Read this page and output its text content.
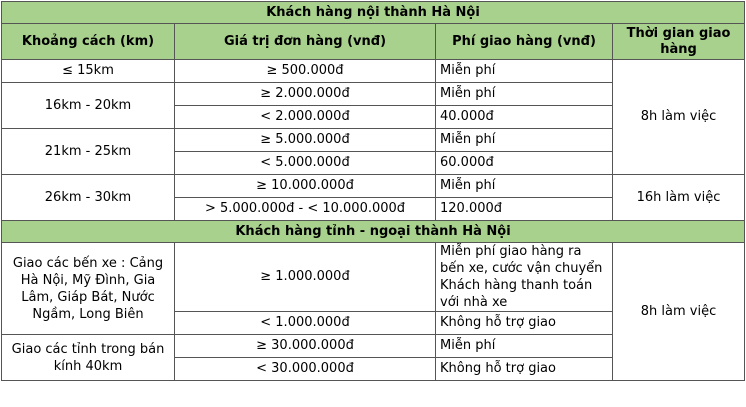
Khách hàng nội thành Hà Nội			
Khoảng cách (km)	Giá trị đơn hàng (vnđ)	Phí giao hàng (vnđ)	Thời gian giao hàng
≤ 15km	≥ 500.000đ	Miễn phí	8h làm việc
16km - 20km	≥ 2.000.000đ	Miễn phí	
	< 2.000.000đ	40.000đ	
21km - 25km	≥ 5.000.000đ	Miễn phí	
	< 5.000.000đ	60.000đ	
26km - 30km	≥ 10.000.000đ	Miễn phí	16h làm việc
	> 5.000.000đ - < 10.000.000đ	120.000đ	
Khách hàng tỉnh - ngoại thành Hà Nội			
Giao các bến xe : Cảng Hà Nội, Mỹ Đình, Gia Lâm, Giáp Bát, Nước Ngầm, Long Biên	≥ 1.000.000đ	Miễn phí giao hàng ra bến xe, cước vận chuyển Khách hàng thanh toán với nhà xe	8h làm việc
	< 1.000.000đ	Không hỗ trợ giao	
Giao các tỉnh trong bán kính 40km	≥ 30.000.000đ	Miễn phí	
	< 30.000.000đ	Không hỗ trợ giao	
